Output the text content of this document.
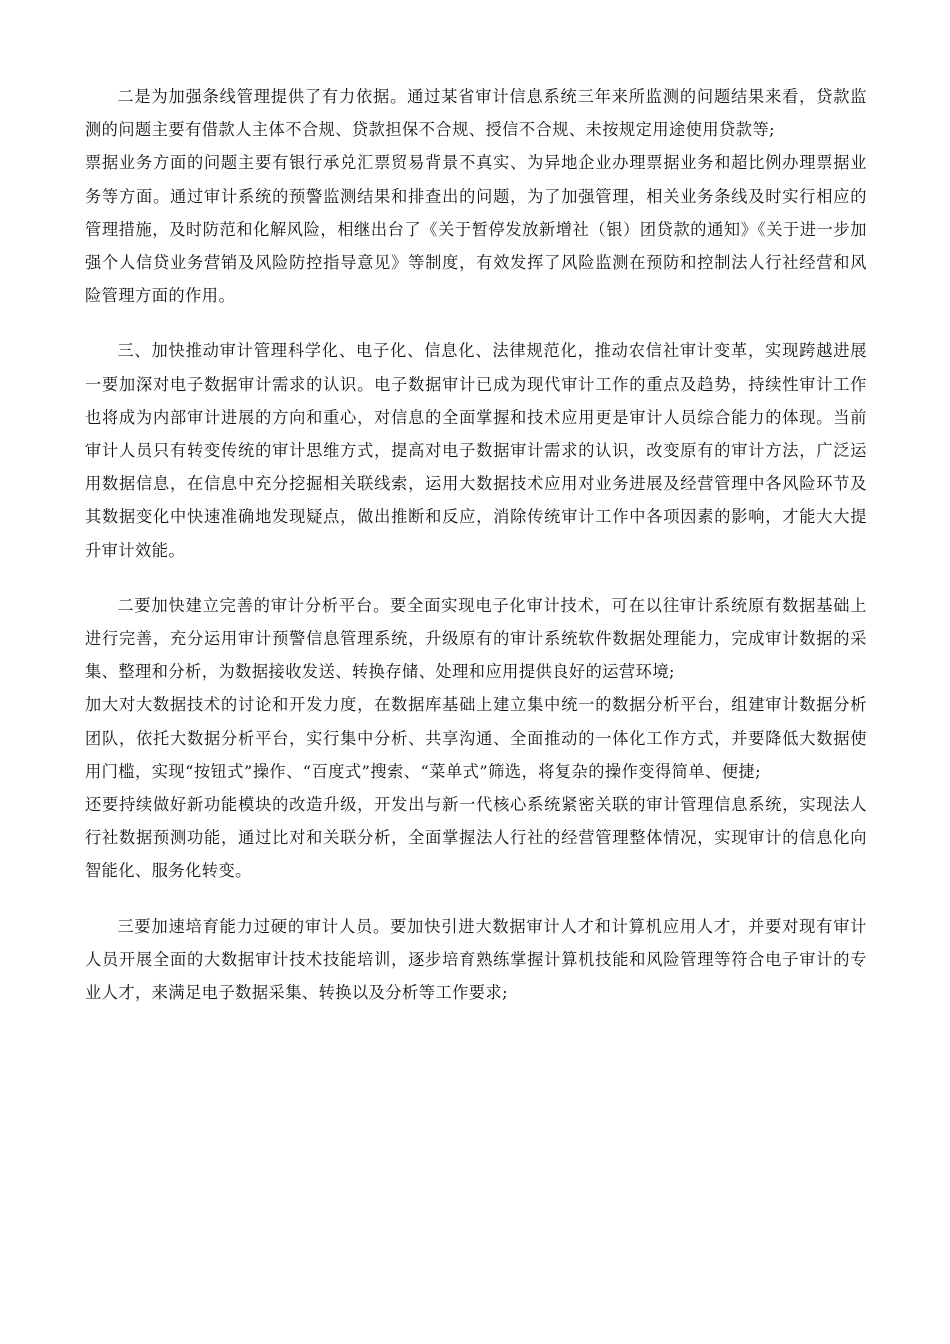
二是为加强条线管理提供了有力依据。通过某省审计信息系统三年来所监测的问题结果来看，贷款监测的问题主要有借款人主体不合规、贷款担保不合规、授信不合规、未按规定用途使用贷款等;

票据业务方面的问题主要有银行承兑汇票贸易背景不真实、为异地企业办理票据业务和超比例办理票据业务等方面。通过审计系统的预警监测结果和排查出的问题，为了加强管理，相关业务条线及时实行相应的管理措施，及时防范和化解风险，相继出台了《关于暂停发放新增社（银）团贷款的通知》《关于进一步加强个人信贷业务营销及风险防控指导意见》等制度，有效发挥了风险监测在预防和控制法人行社经营和风险管理方面的作用。

三、加快推动审计管理科学化、电子化、信息化、法律规范化，推动农信社审计变革，实现跨越进展一要加深对电子数据审计需求的认识。电子数据审计已成为现代审计工作的重点及趋势，持续性审计工作也将成为内部审计进展的方向和重心，对信息的全面掌握和技术应用更是审计人员综合能力的体现。当前审计人员只有转变传统的审计思维方式，提高对电子数据审计需求的认识，改变原有的审计方法，广泛运用数据信息，在信息中充分挖掘相关联线索，运用大数据技术应用对业务进展及经营管理中各风险环节及其数据变化中快速准确地发现疑点，做出推断和反应，消除传统审计工作中各项因素的影响，才能大大提升审计效能。

二要加快建立完善的审计分析平台。要全面实现电子化审计技术，可在以往审计系统原有数据基础上进行完善，充分运用审计预警信息管理系统，升级原有的审计系统软件数据处理能力，完成审计数据的采集、整理和分析，为数据接收发送、转换存储、处理和应用提供良好的运营环境;

加大对大数据技术的讨论和开发力度，在数据库基础上建立集中统一的数据分析平台，组建审计数据分析团队，依托大数据分析平台，实行集中分析、共享沟通、全面推动的一体化工作方式，并要降低大数据使用门槛，实现“按钮式”操作、“百度式”搜索、“菜单式”筛选，将复杂的操作变得简单、便捷;

还要持续做好新功能模块的改造升级，开发出与新一代核心系统紧密关联的审计管理信息系统，实现法人行社数据预测功能，通过比对和关联分析，全面掌握法人行社的经营管理整体情况，实现审计的信息化向智能化、服务化转变。

三要加速培育能力过硬的审计人员。要加快引进大数据审计人才和计算机应用人才，并要对现有审计人员开展全面的大数据审计技术技能培训，逐步培育熟练掌握计算机技能和风险管理等符合电子审计的专业人才，来满足电子数据采集、转换以及分析等工作要求;
